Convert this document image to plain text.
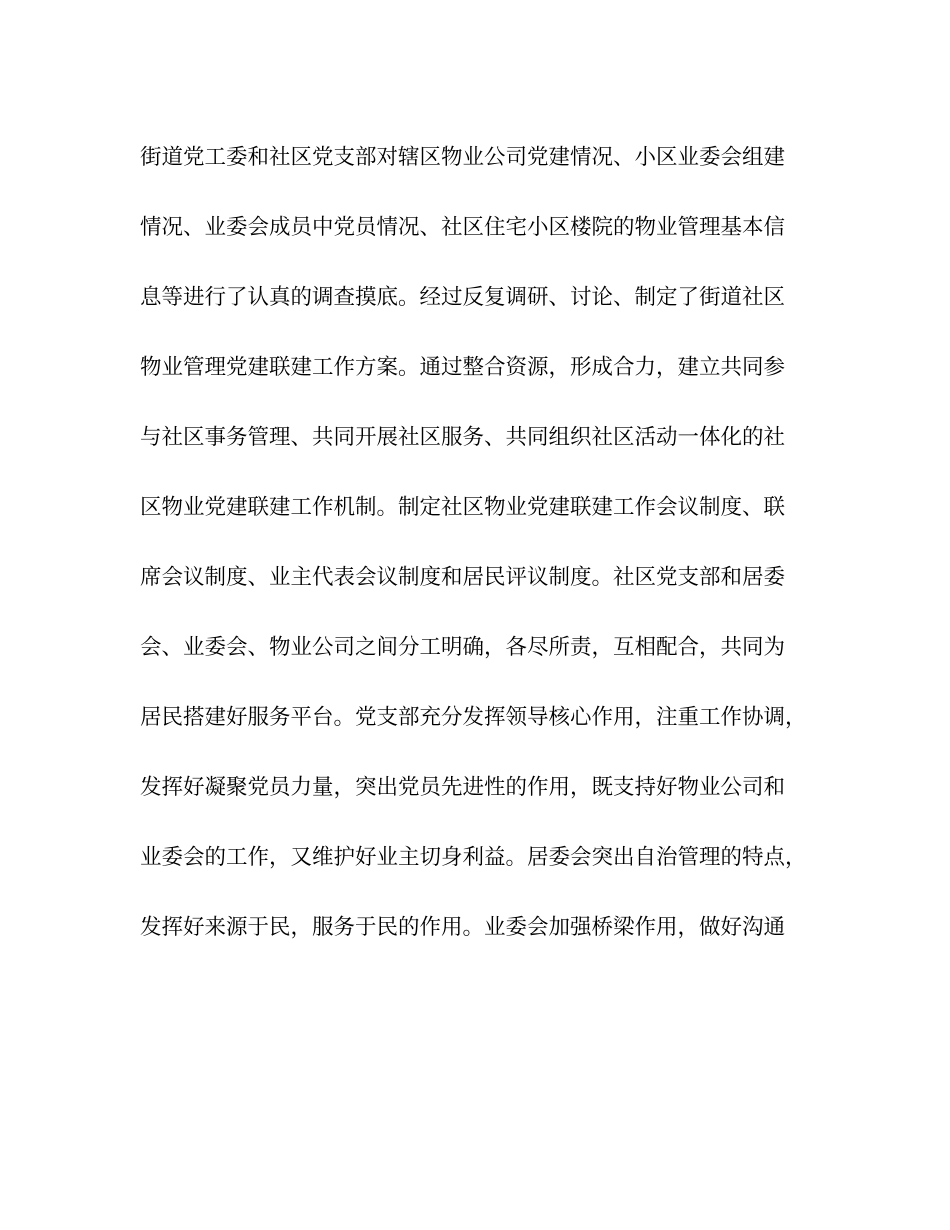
街道党工委和社区党支部对辖区物业公司党建情况、小区业委会组建
情况、业委会成员中党员情况、社区住宅小区楼院的物业管理基本信
息等进行了认真的调查摸底。经过反复调研、讨论、制定了街道社区
物业管理党建联建工作方案。通过整合资源，形成合力，建立共同参
与社区事务管理、共同开展社区服务、共同组织社区活动一体化的社
区物业党建联建工作机制。制定社区物业党建联建工作会议制度、联
席会议制度、业主代表会议制度和居民评议制度。社区党支部和居委
会、业委会、物业公司之间分工明确，各尽所责，互相配合，共同为
居民搭建好服务平台。党支部充分发挥领导核心作用，注重工作协调，
发挥好凝聚党员力量，突出党员先进性的作用，既支持好物业公司和
业委会的工作，又维护好业主切身利益。居委会突出自治管理的特点，
发挥好来源于民，服务于民的作用。业委会加强桥梁作用，做好沟通
